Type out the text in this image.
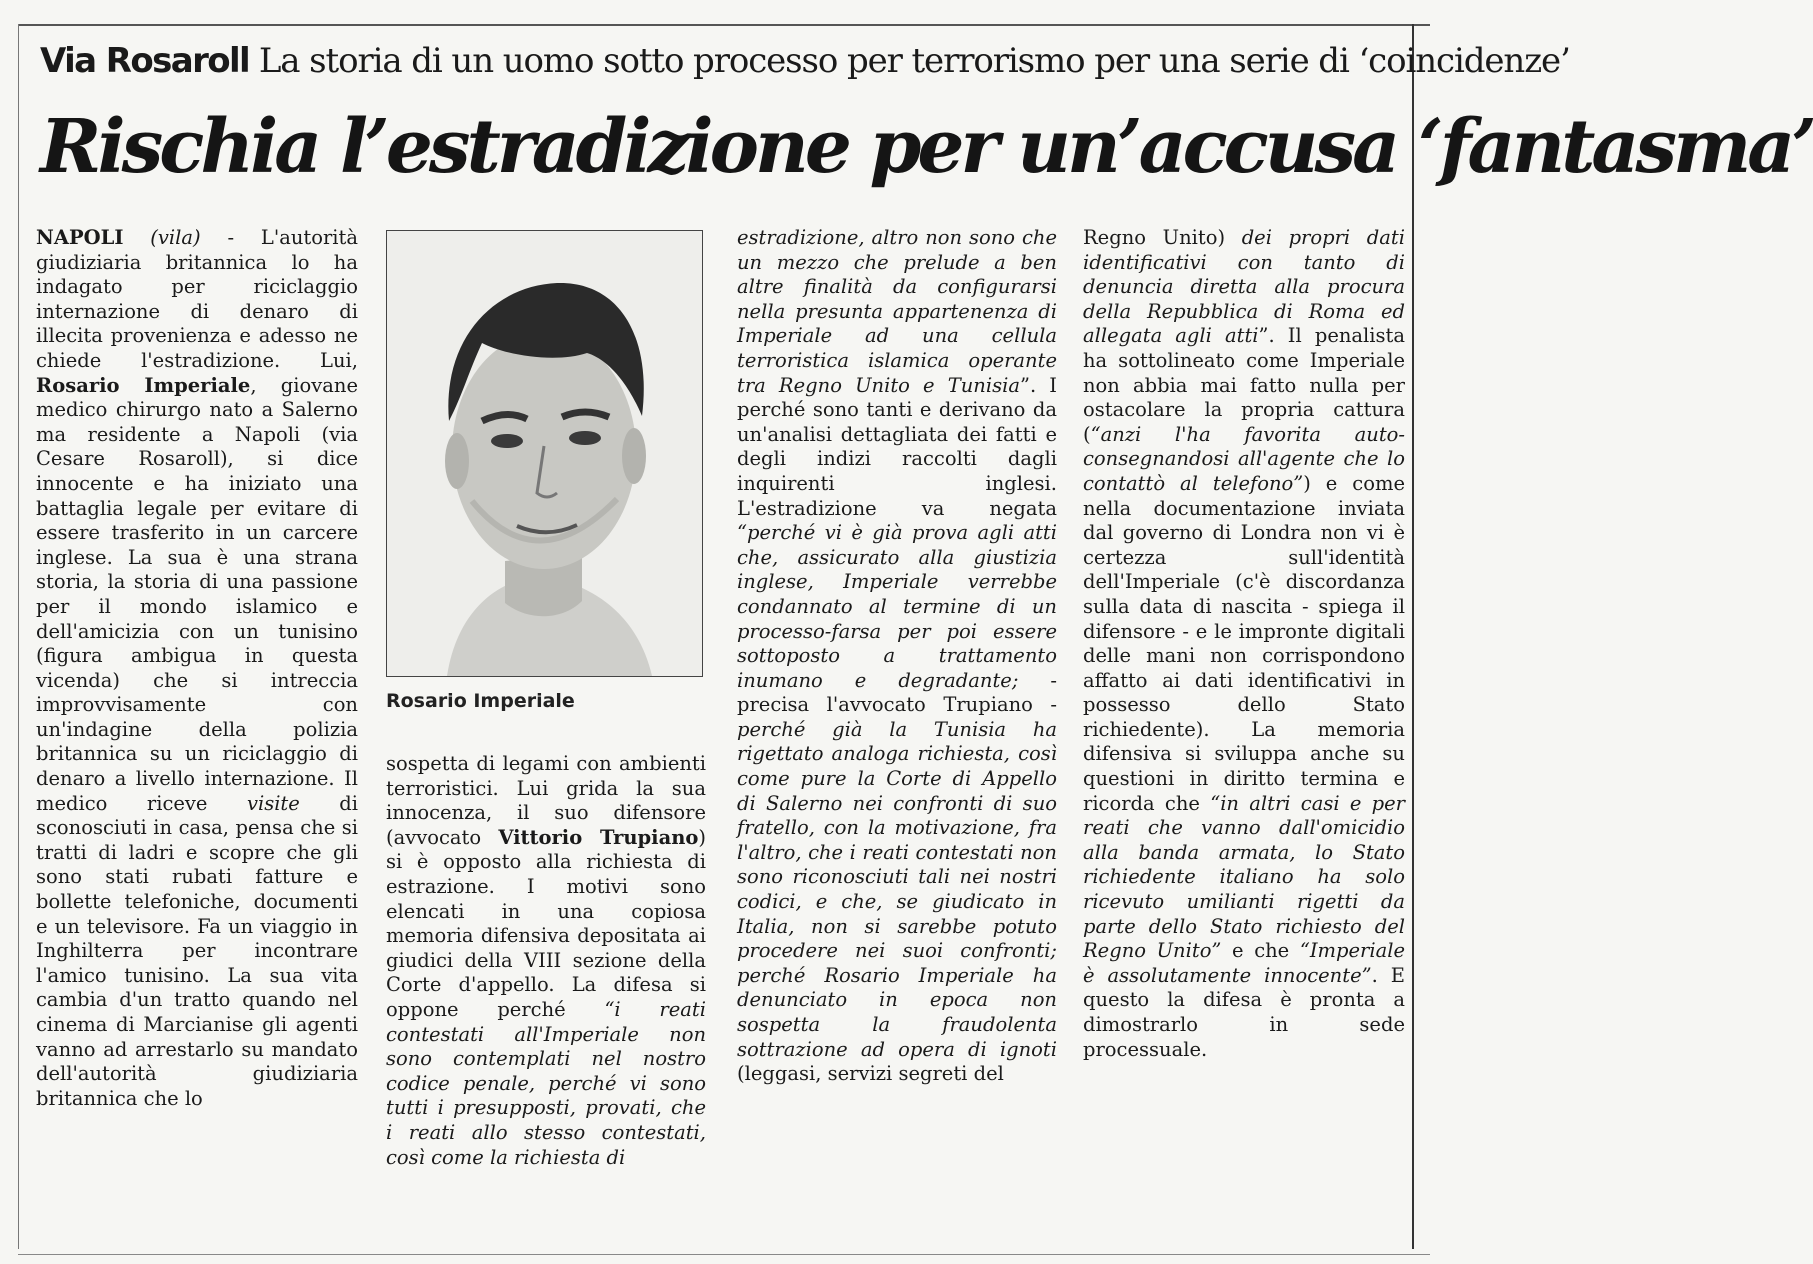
Via Rosaroll La storia di un uomo sotto processo per terrorismo per una serie di ‘coincidenze’
Rischia l’estradizione per un’accusa ‘fantasma’

NAPOLI (vila) - L'autorità giudiziaria britannica lo ha indagato per riciclaggio internazione di denaro di illecita provenienza e adesso ne chiede l'estradizione. Lui, Rosario Imperiale, giovane medico chirurgo nato a Salerno ma residente a Napoli (via Cesare Rosaroll), si dice innocente e ha iniziato una battaglia legale per evitare di essere trasferito in un carcere inglese. La sua è una strana storia, la storia di una passione per il mondo islamico e dell'amicizia con un tunisino (figura ambigua in questa vicenda) che si intreccia improvvisamente con un'indagine della polizia britannica su un riciclaggio di denaro a livello internazione. Il medico riceve visite di sconosciuti in casa, pensa che si tratti di ladri e scopre che gli sono stati rubati fatture e bollette telefoniche, documenti e un televisore. Fa un viaggio in Inghilterra per incontrare l'amico tunisino. La sua vita cambia d'un tratto quando nel cinema di Marcianise gli agenti vanno ad arrestarlo su mandato dell'autorità giudiziaria britannica che lo

Rosario Imperiale

sospetta di legami con ambienti terroristici. Lui grida la sua innocenza, il suo difensore (avvocato Vittorio Trupiano) si è opposto alla richiesta di estrazione. I motivi sono elencati in una copiosa memoria difensiva depositata ai giudici della VIII sezione della Corte d'appello. La difesa si oppone perché “i reati contestati all'Imperiale non sono contemplati nel nostro codice penale, perché vi sono tutti i presupposti, provati, che i reati allo stesso contestati, così come la richiesta di

estradizione, altro non sono che un mezzo che prelude a ben altre finalità da configurarsi nella presunta appartenenza di Imperiale ad una cellula terroristica islamica operante tra Regno Unito e Tunisia”. I perché sono tanti e derivano da un'analisi dettagliata dei fatti e degli indizi raccolti dagli inquirenti inglesi. L'estradizione va negata “perché vi è già prova agli atti che, assicurato alla giustizia inglese, Imperiale verrebbe condannato al termine di un processo-farsa per poi essere sottoposto a trattamento inumano e degradante; - precisa l'avvocato Trupiano - perché già la Tunisia ha rigettato analoga richiesta, così come pure la Corte di Appello di Salerno nei confronti di suo fratello, con la motivazione, fra l'altro, che i reati contestati non sono riconosciuti tali nei nostri codici, e che, se giudicato in Italia, non si sarebbe potuto procedere nei suoi confronti; perché Rosario Imperiale ha denunciato in epoca non sospetta la fraudolenta sottrazione ad opera di ignoti (leggasi, servizi segreti del

Regno Unito) dei propri dati identificativi con tanto di denuncia diretta alla procura della Repubblica di Roma ed allegata agli atti”. Il penalista ha sottolineato come Imperiale non abbia mai fatto nulla per ostacolare la propria cattura (“anzi l'ha favorita auto-consegnandosi all'agente che lo contattò al telefono”) e come nella documentazione inviata dal governo di Londra non vi è certezza sull'identità dell'Imperiale (c'è discordanza sulla data di nascita - spiega il difensore - e le impronte digitali delle mani non corrispondono affatto ai dati identificativi in possesso dello Stato richiedente). La memoria difensiva si sviluppa anche su questioni in diritto termina e ricorda che “in altri casi e per reati che vanno dall'omicidio alla banda armata, lo Stato richiedente italiano ha solo ricevuto umilianti rigetti da parte dello Stato richiesto del Regno Unito” e che “Imperiale è assolutamente innocente”. E questo la difesa è pronta a dimostrarlo in sede processuale.
